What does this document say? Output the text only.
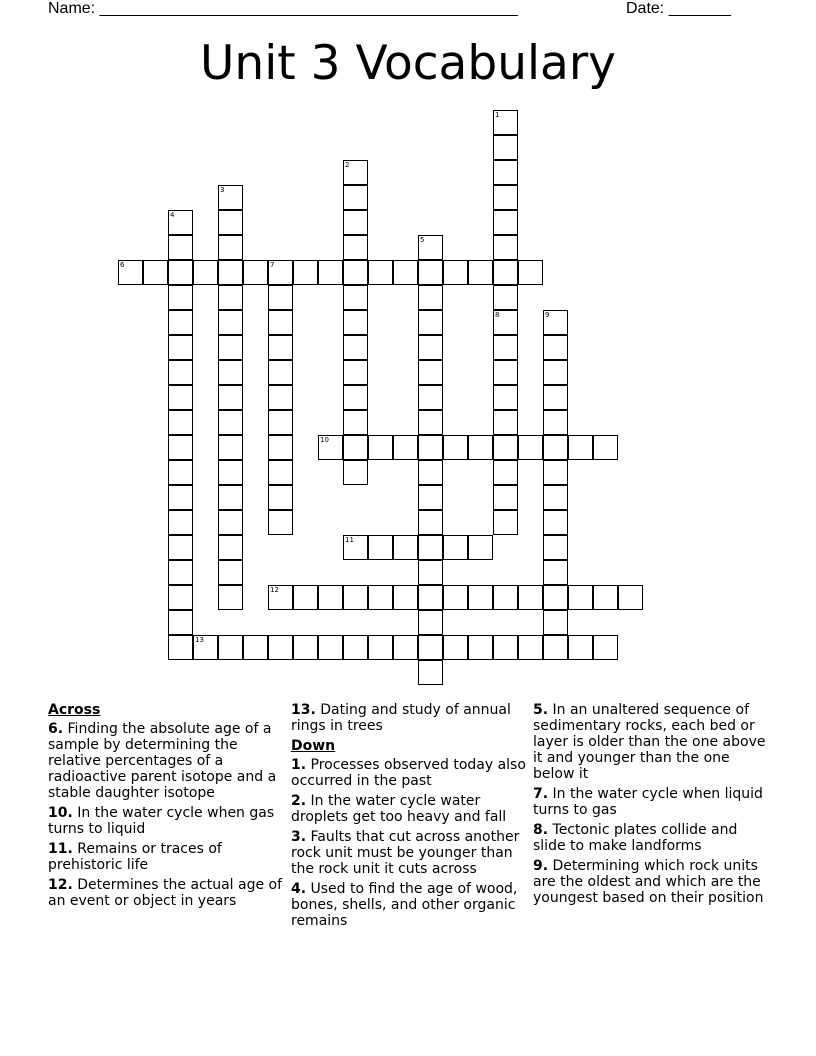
Name: _______________________________________________	Date: _______
Unit 3 Vocabulary
1
8
2
3
4
5
6	7
9
10
11
12
13
Across
6. Finding the absolute age of a sample by determining the relative percentages of a radioactive parent isotope and a stable daughter isotope
10. In the water cycle when gas turns to liquid
11. Remains or traces of prehistoric life
12. Determines the actual age of an event or object in years
13. Dating and study of annual rings in trees
Down
1. Processes observed today also occurred in the past
2. In the water cycle water droplets get too heavy and fall
3. Faults that cut across another rock unit must be younger than the rock unit it cuts across
4. Used to find the age of wood, bones, shells, and other organic remains
5. In an unaltered sequence of sedimentary rocks, each bed or layer is older than the one above it and younger than the one below it
7. In the water cycle when liquid turns to gas
8. Tectonic plates collide and slide to make landforms
9. Determining which rock units are the oldest and which are the youngest based on their position
